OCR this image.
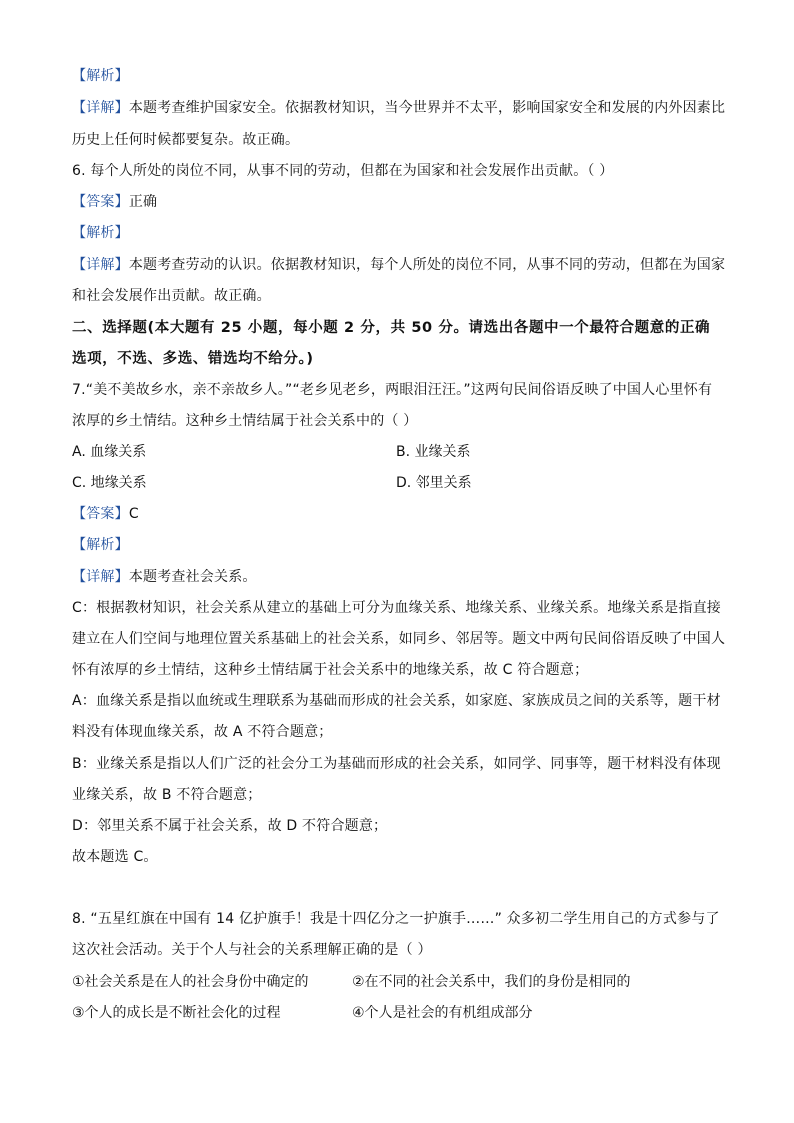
【解析】
【详解】本题考查维护国家安全。依据教材知识，当今世界并不太平，影响国家安全和发展的内外因素比
历史上任何时候都要复杂。故正确。
6. 每个人所处的岗位不同，从事不同的劳动，但都在为国家和社会发展作出贡献。（ ）
【答案】正确
【解析】
【详解】本题考查劳动的认识。依据教材知识，每个人所处的岗位不同，从事不同的劳动，但都在为国家
和社会发展作出贡献。故正确。
二、选择题(本大题有 25 小题，每小题 2 分，共 50 分。请选出各题中一个最符合题意的正确
选项，不选、多选、错选均不给分。)
7.“美不美故乡水，亲不亲故乡人。”“老乡见老乡，两眼泪汪汪。”这两句民间俗语反映了中国人心里怀有
浓厚的乡土情结。这种乡土情结属于社会关系中的（ ）
A. 血缘关系	B. 业缘关系
C. 地缘关系	D. 邻里关系
【答案】C
【解析】
【详解】本题考查社会关系。
C：根据教材知识，社会关系从建立的基础上可分为血缘关系、地缘关系、业缘关系。地缘关系是指直接
建立在人们空间与地理位置关系基础上的社会关系，如同乡、邻居等。题文中两句民间俗语反映了中国人
怀有浓厚的乡土情结，这种乡土情结属于社会关系中的地缘关系，故 C 符合题意；
A：血缘关系是指以血统或生理联系为基础而形成的社会关系，如家庭、家族成员之间的关系等，题干材
料没有体现血缘关系，故 A 不符合题意；
B：业缘关系是指以人们广泛的社会分工为基础而形成的社会关系，如同学、同事等，题干材料没有体现
业缘关系，故 B 不符合题意；
D：邻里关系不属于社会关系，故 D 不符合题意；
故本题选 C。
8. “五星红旗在中国有 14 亿护旗手！我是十四亿分之一护旗手……” 众多初二学生用自己的方式参与了
这次社会活动。关于个人与社会的关系理解正确的是（ ）
①社会关系是在人的社会身份中确定的	②在不同的社会关系中，我们的身份是相同的
③个人的成长是不断社会化的过程	④个人是社会的有机组成部分
